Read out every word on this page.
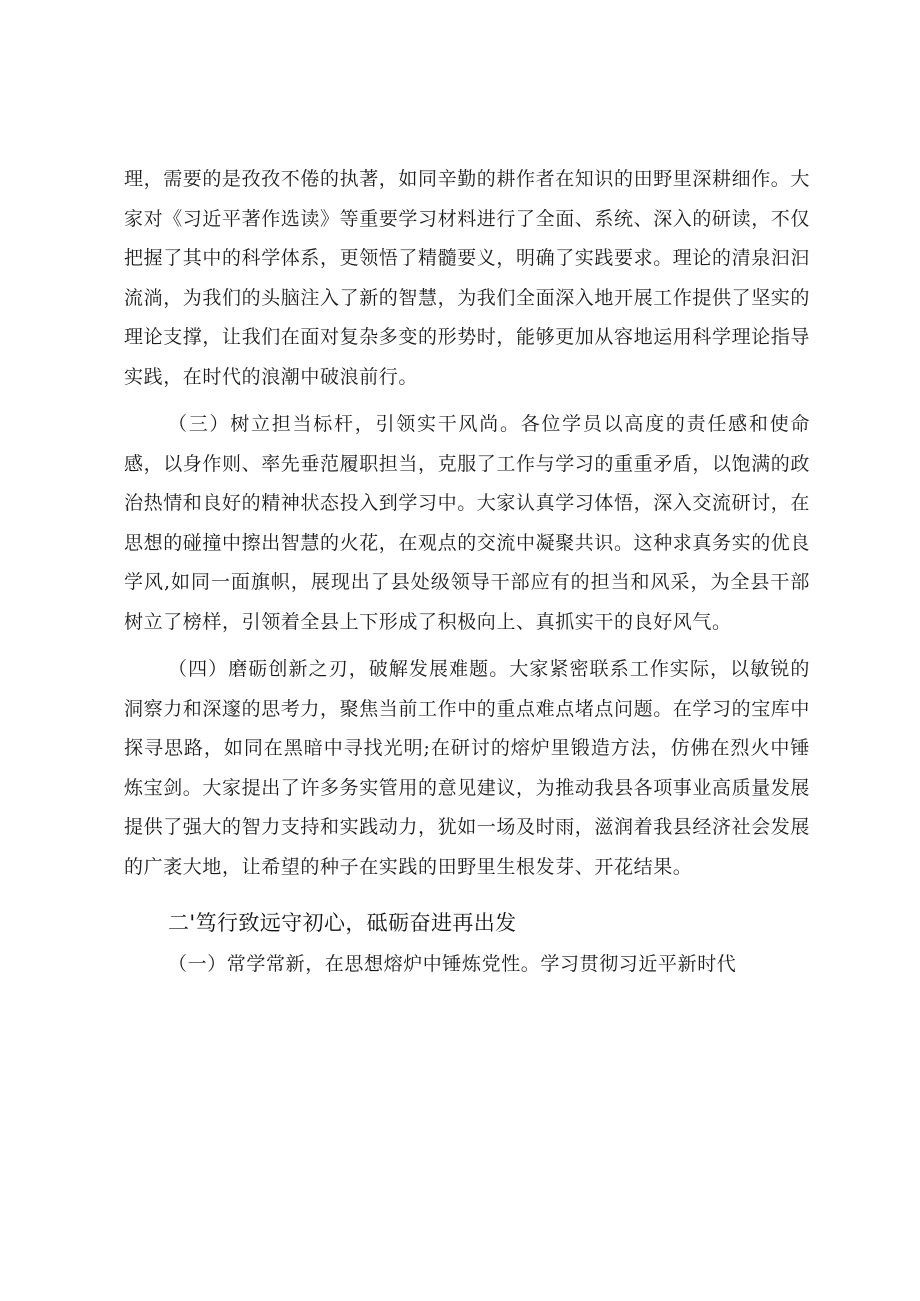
理，需要的是孜孜不倦的执著，如同辛勤的耕作者在知识的田野里深耕细作。大家对《习近平著作选读》等重要学习材料进行了全面、系统、深入的研读，不仅把握了其中的科学体系，更领悟了精髓要义，明确了实践要求。理论的清泉汩汩流淌，为我们的头脑注入了新的智慧，为我们全面深入地开展工作提供了坚实的理论支撑，让我们在面对复杂多变的形势时，能够更加从容地运用科学理论指导实践，在时代的浪潮中破浪前行。

（三）树立担当标杆，引领实干风尚。各位学员以高度的责任感和使命感，以身作则、率先垂范履职担当，克服了工作与学习的重重矛盾，以饱满的政治热情和良好的精神状态投入到学习中。大家认真学习体悟，深入交流研讨，在思想的碰撞中擦出智慧的火花，在观点的交流中凝聚共识。这种求真务实的优良学风,如同一面旗帜，展现出了县处级领导干部应有的担当和风采，为全县干部树立了榜样，引领着全县上下形成了积极向上、真抓实干的良好风气。

（四）磨砺创新之刃，破解发展难题。大家紧密联系工作实际，以敏锐的洞察力和深邃的思考力，聚焦当前工作中的重点难点堵点问题。在学习的宝库中探寻思路，如同在黑暗中寻找光明;在研讨的熔炉里锻造方法，仿佛在烈火中锤炼宝剑。大家提出了许多务实管用的意见建议，为推动我县各项事业高质量发展提供了强大的智力支持和实践动力，犹如一场及时雨，滋润着我县经济社会发展的广袤大地，让希望的种子在实践的田野里生根发芽、开花结果。

二'笃行致远守初心，砥砺奋进再出发

（一）常学常新，在思想熔炉中锤炼党性。学习贯彻习近平新时代
